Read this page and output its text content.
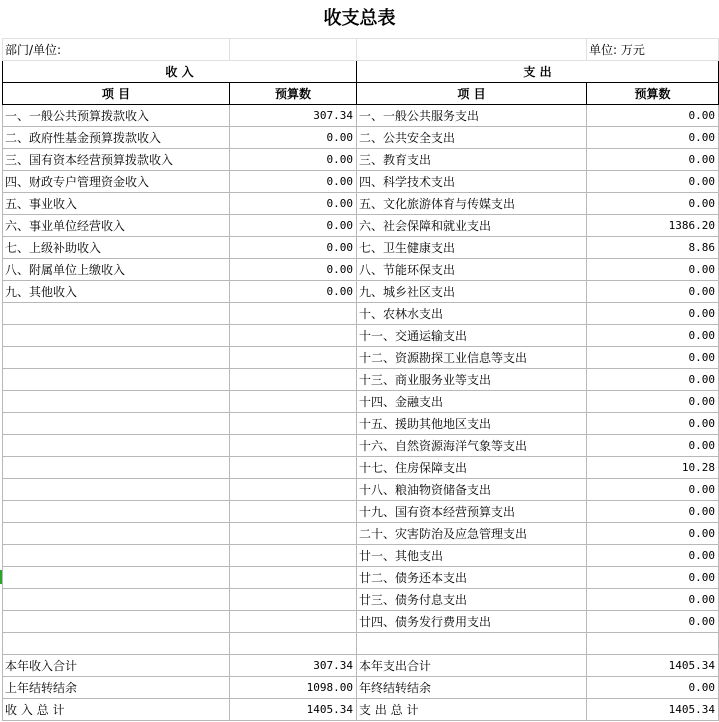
收支总表
部门/单位:			单位: 万元
收 入		支 出	
项 目	预算数	项 目	预算数
一、一般公共预算拨款收入	307.34	一、一般公共服务支出	0.00
二、政府性基金预算拨款收入	0.00	二、公共安全支出	0.00
三、国有资本经营预算拨款收入	0.00	三、教育支出	0.00
四、财政专户管理资金收入	0.00	四、科学技术支出	0.00
五、事业收入	0.00	五、文化旅游体育与传媒支出	0.00
六、事业单位经营收入	0.00	六、社会保障和就业支出	1386.20
七、上级补助收入	0.00	七、卫生健康支出	8.86
八、附属单位上缴收入	0.00	八、节能环保支出	0.00
九、其他收入	0.00	九、城乡社区支出	0.00
		十、农林水支出	0.00
		十一、交通运输支出	0.00
		十二、资源勘探工业信息等支出	0.00
		十三、商业服务业等支出	0.00
		十四、金融支出	0.00
		十五、援助其他地区支出	0.00
		十六、自然资源海洋气象等支出	0.00
		十七、住房保障支出	10.28
		十八、粮油物资储备支出	0.00
		十九、国有资本经营预算支出	0.00
		二十、灾害防治及应急管理支出	0.00
		廿一、其他支出	0.00
		廿二、债务还本支出	0.00
		廿三、债务付息支出	0.00
		廿四、债务发行费用支出	0.00

本年收入合计	307.34	本年支出合计	1405.34
上年结转结余	1098.00	年终结转结余	0.00
收 入 总 计	1405.34	支 出 总 计	1405.34
